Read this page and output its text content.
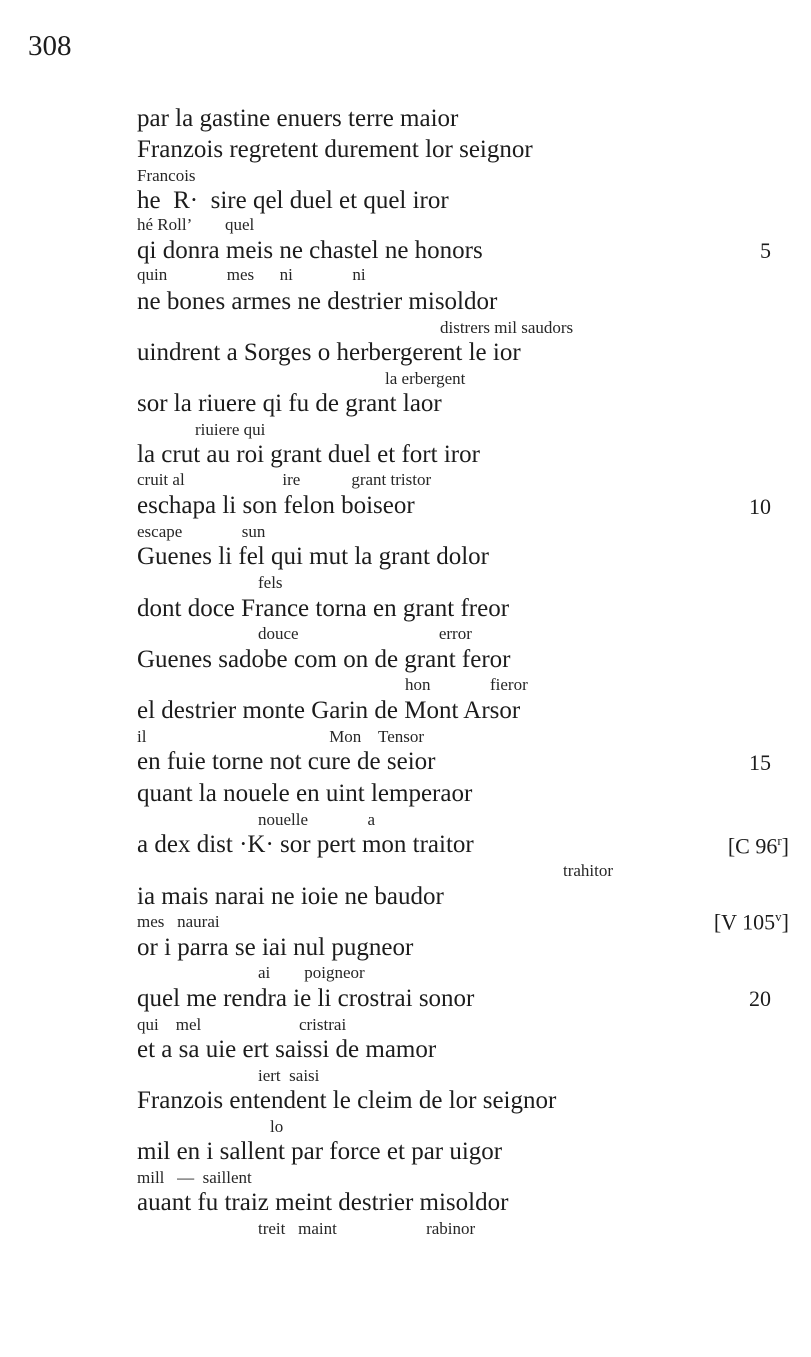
308
par la gastine enuers terre maior
Franzois regretent durement lor seignor
Francois
he  R·  sire qel duel et quel iror
hé Roll’        quel
qi donra meis ne chastel ne honors
quin              mes      ni              ni
5
ne bones armes ne destrier misoldor
distrers mil saudors
uindrent a Sorges o herbergerent le ior
la erbergent
sor la riuere qi fu de grant laor
riuiere qui
la crut au roi grant duel et fort iror
cruit al                       ire            grant tristor
eschapa li son felon boiseor
escape              sun
10
Guenes li fel qui mut la grant dolor
fels
dont doce France torna en grant freor
douce                                 error
Guenes sadobe com on de grant feror
hon              fieror
el destrier monte Garin de Mont Arsor
il                                           Mon    Tensor
en fuie torne not cure de seior	15
quant la nouele en uint lemperaor
nouelle              a
a dex dist ·K· sor pert mon traitor
trahitor
[C 96$^r$]
ia mais narai ne ioie ne baudor
mes   naurai	[V 105$^v$]
or i parra se iai nul pugneor
ai        poigneor
quel me rendra ie li crostrai sonor
qui    mel                       cristrai
20
et a sa uie ert saissi de mamor
iert  saisi
Franzois entendent le cleim de lor seignor
lo
mil en i sallent par force et par uigor
mill   —  saillent
auant fu traiz meint destrier misoldor
treit   maint                     rabinor
